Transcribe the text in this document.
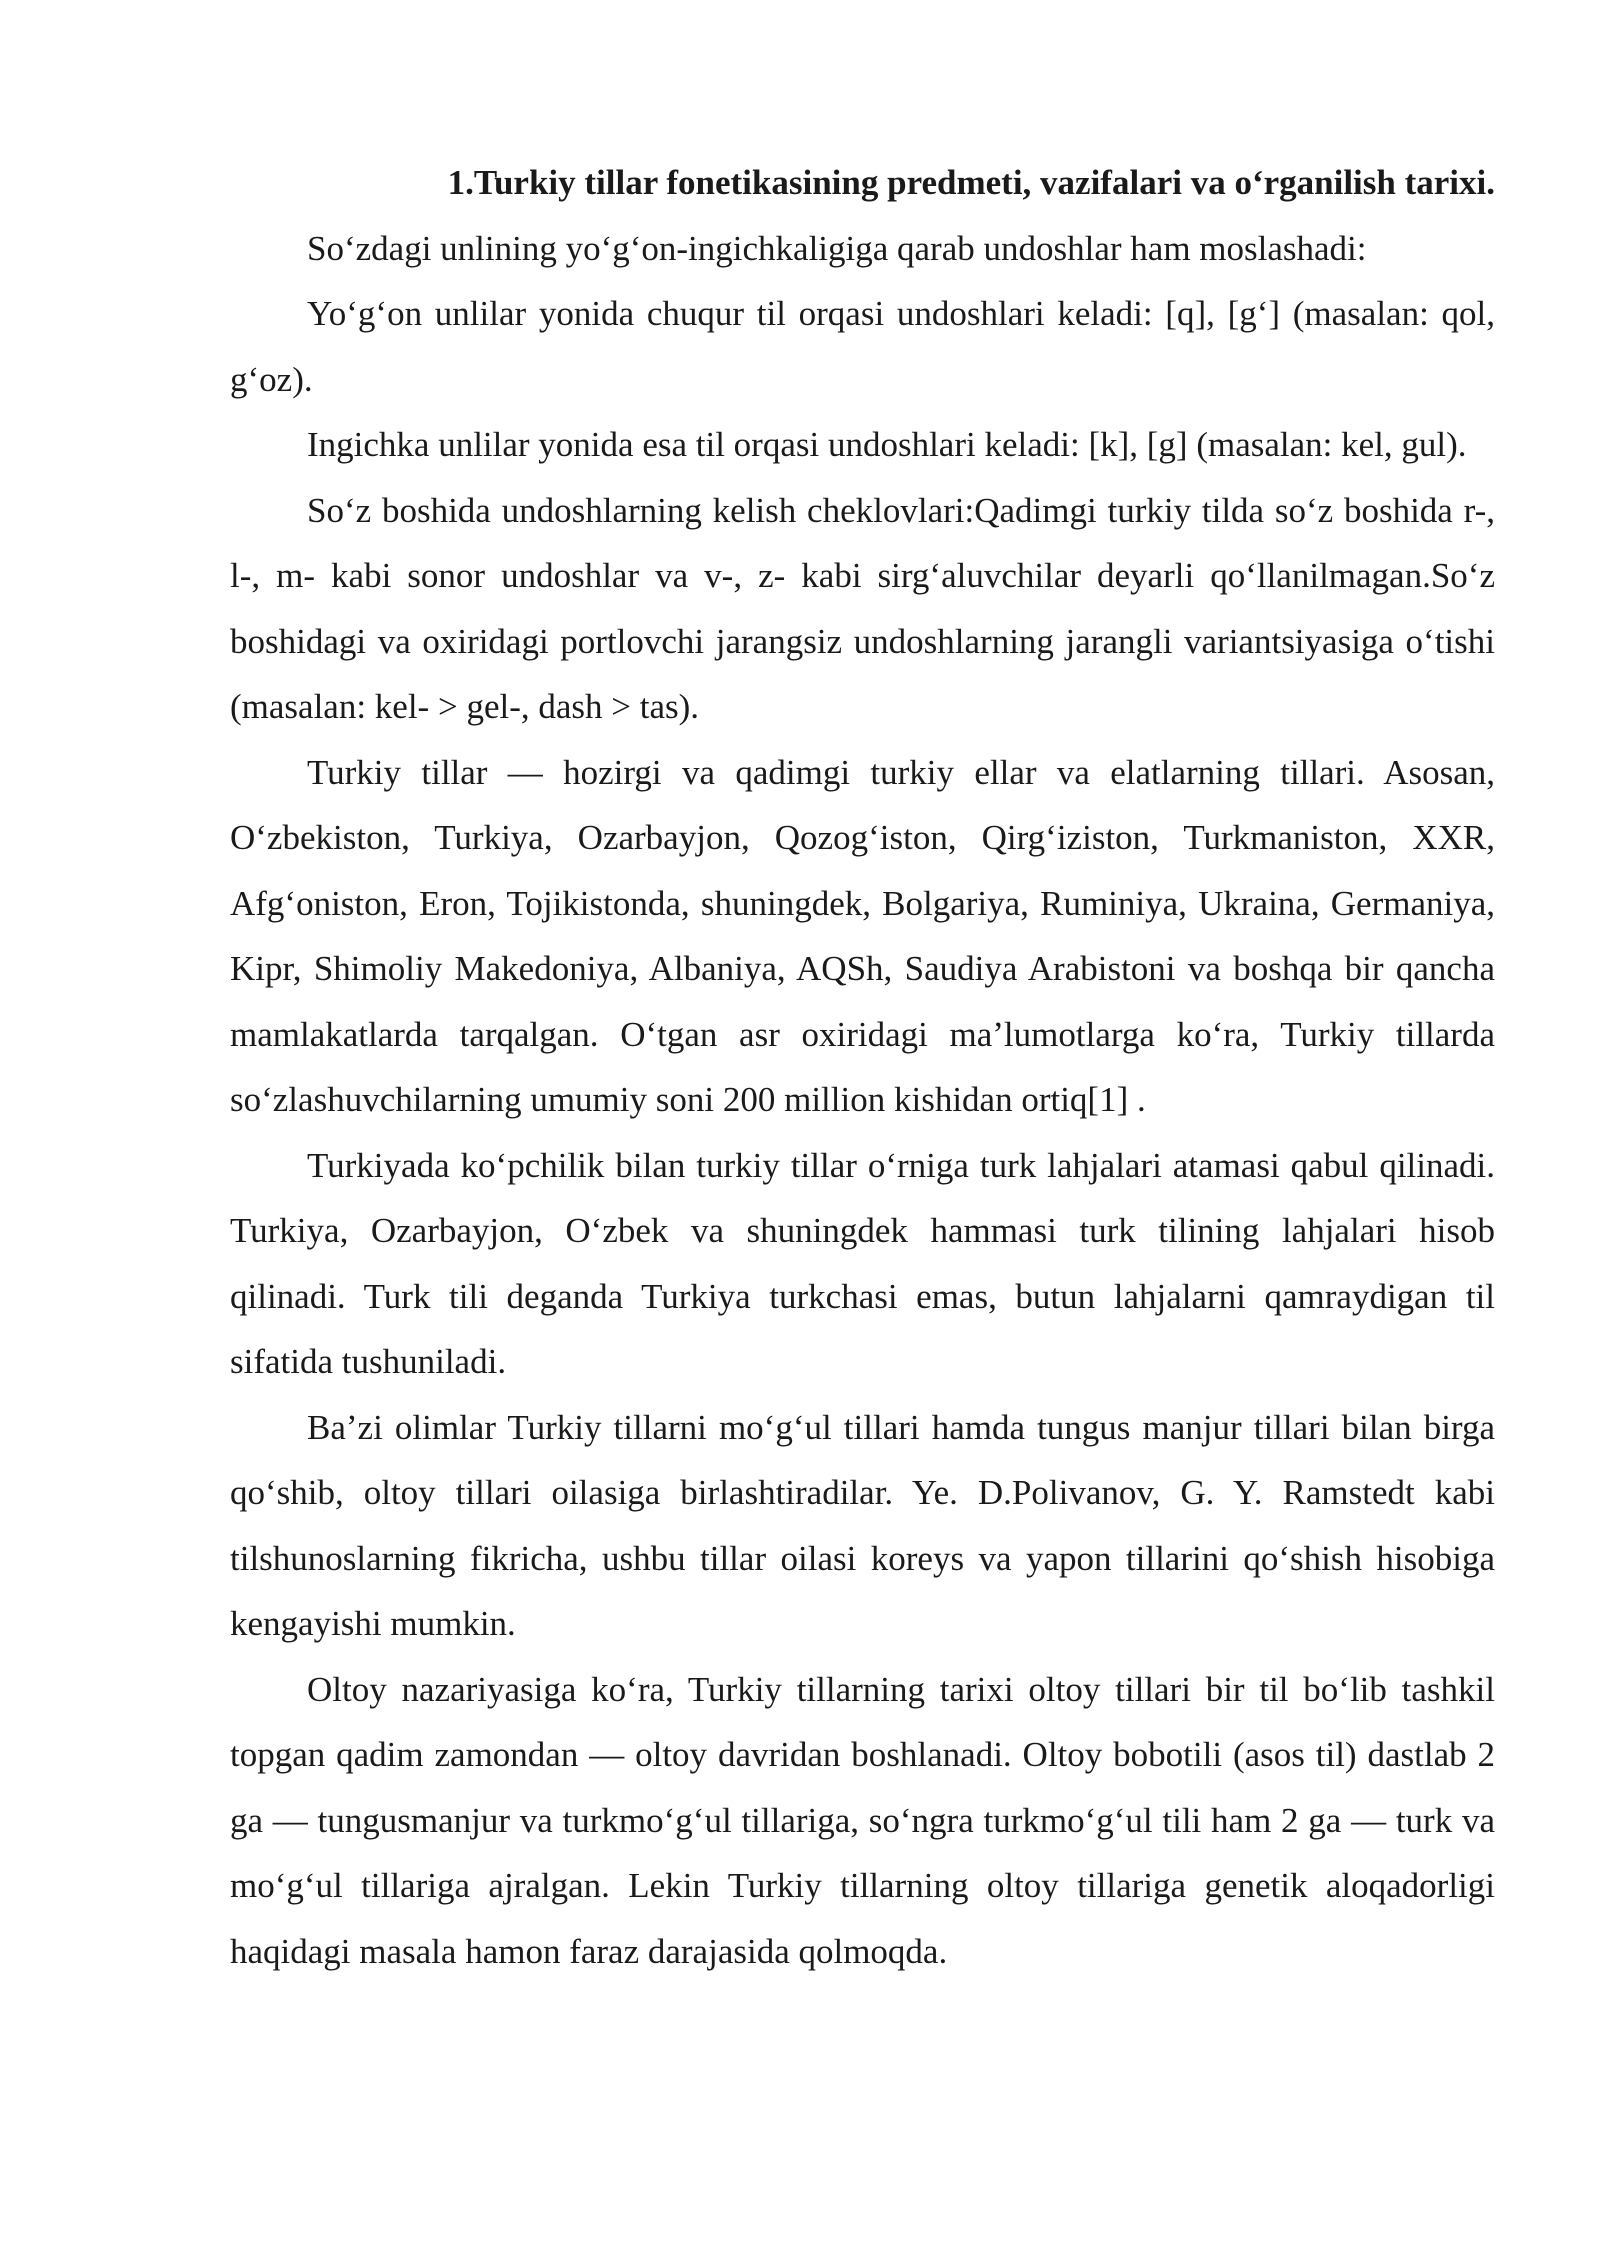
1.Turkiy tillar fonetikasining predmeti, vazifalari va oʻrganilish tarixi.

Soʻzdagi unlining yoʻgʻon-ingichkaligiga qarab undoshlar ham moslashadi:

Yoʻgʻon unlilar yonida chuqur til orqasi undoshlari keladi: [q], [gʻ] (masalan: qol, gʻoz).

Ingichka unlilar yonida esa til orqasi undoshlari keladi: [k], [g] (masalan: kel, gul).

Soʻz boshida undoshlarning kelish cheklovlari:Qadimgi turkiy tilda soʻz boshida r-, l-, m- kabi sonor undoshlar va v-, z- kabi sirgʻaluvchilar deyarli qoʻllanilmagan.Soʻz boshidagi va oxiridagi portlovchi jarangsiz undoshlarning jarangli variantsiyasiga oʻtishi (masalan: kel- > gel-, dash > tas).

Turkiy tillar — hozirgi va qadimgi turkiy ellar va elatlarning tillari. Asosan, Oʻzbekiston, Turkiya, Ozarbayjon, Qozogʻiston, Qirgʻiziston, Turkmaniston, XXR, Afgʻoniston, Eron, Tojikistonda, shuningdek, Bolgariya, Ruminiya, Ukraina, Germaniya, Kipr, Shimoliy Makedoniya, Albaniya, AQSh, Saudiya Arabistoni va boshqa bir qancha mamlakatlarda tarqalgan. Oʻtgan asr oxiridagi maʼlumotlarga koʻra, Turkiy tillarda soʻzlashuvchilarning umumiy soni 200 million kishidan ortiq[1] .

Turkiyada koʻpchilik bilan turkiy tillar oʻrniga turk lahjalari atamasi qabul qilinadi. Turkiya, Ozarbayjon, Oʻzbek va shuningdek hammasi turk tilining lahjalari hisob qilinadi. Turk tili deganda Turkiya turkchasi emas, butun lahjalarni qamraydigan til sifatida tushuniladi.

Baʼzi olimlar Turkiy tillarni moʻgʻul tillari hamda tungus manjur tillari bilan birga qoʻshib, oltoy tillari oilasiga birlashtiradilar. Ye. D.Polivanov, G. Y. Ramstedt kabi tilshunoslarning fikricha, ushbu tillar oilasi koreys va yapon tillarini qoʻshish hisobiga kengayishi mumkin.

Oltoy nazariyasiga koʻra, Turkiy tillarning tarixi oltoy tillari bir til boʻlib tashkil topgan qadim zamondan — oltoy davridan boshlanadi. Oltoy bobotili (asos til) dastlab 2 ga — tungusmanjur va turkmoʻgʻul tillariga, soʻngra turkmoʻgʻul tili ham 2 ga — turk va moʻgʻul tillariga ajralgan. Lekin Turkiy tillarning oltoy tillariga genetik aloqadorligi haqidagi masala hamon faraz darajasida qolmoqda.
